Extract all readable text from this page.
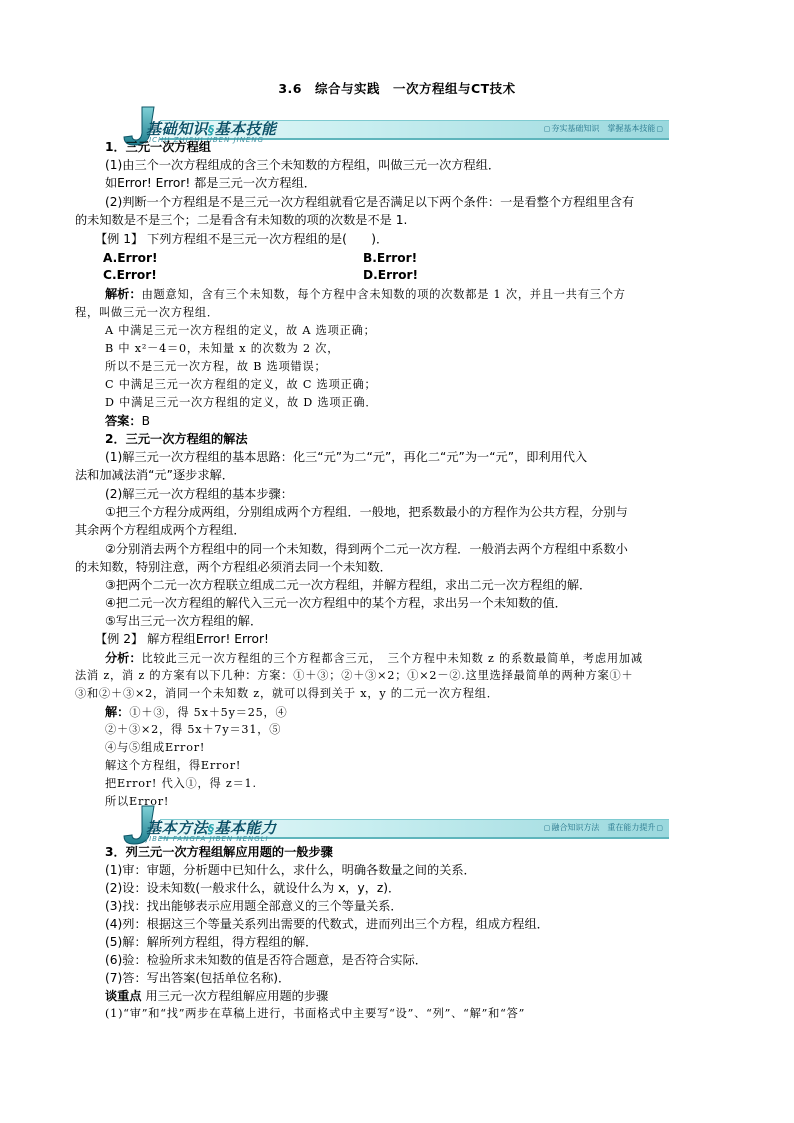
3.6　综合与实践　一次方程组与CT技术
基础知识§基本技能
JICHU ZHISHI JIBEN JINENG
▢ 夯实基础知识　掌握基本技能 ▢
1．三元一次方程组
(1)由三个一次方程组成的含三个未知数的方程组，叫做三元一次方程组．
如Error! Error! 都是三元一次方程组．
(2)判断一个方程组是不是三元一次方程组就看它是否满足以下两个条件：一是看整个方程组里含有
的未知数是不是三个；二是看含有未知数的项的次数是不是 1.
【例 1】 下列方程组不是三元一次方程组的是(　　)．
A.Error!	B.Error!
C.Error!	D.Error!
解析：由题意知，含有三个未知数，每个方程中含未知数的项的次数都是 1 次，并且一共有三个方
程，叫做三元一次方程组．
A 中满足三元一次方程组的定义，故 A 选项正确；
B 中 x²－4＝0，未知量 x 的次数为 2 次，
所以不是三元一次方程，故 B 选项错误；
C 中满足三元一次方程组的定义，故 C 选项正确；
D 中满足三元一次方程组的定义，故 D 选项正确．
答案：B
2．三元一次方程组的解法
(1)解三元一次方程组的基本思路：化三“元”为二“元”，再化二“元”为一“元”，即利用代入
法和加减法消“元”逐步求解．
(2)解三元一次方程组的基本步骤：
①把三个方程分成两组，分别组成两个方程组．一般地，把系数最小的方程作为公共方程，分别与
其余两个方程组成两个方程组．
②分别消去两个方程组中的同一个未知数，得到两个二元一次方程．一般消去两个方程组中系数小
的未知数，特别注意，两个方程组必须消去同一个未知数．
③把两个二元一次方程联立组成二元一次方程组，并解方程组，求出二元一次方程组的解．
④把二元一次方程组的解代入三元一次方程组中的某个方程，求出另一个未知数的值．
⑤写出三元一次方程组的解．
【例 2】 解方程组Error! Error!
分析：比较此三元一次方程组的三个方程都含三元，　三个方程中未知数 z 的系数最简单，考虑用加减
法消 z，消 z 的方案有以下几种：方案：①＋③；②＋③×2；①×2－②.这里选择最简单的两种方案①＋
③和②＋③×2，消同一个未知数 z，就可以得到关于 x，y 的二元一次方程组．
解：①＋③，得 5x＋5y＝25，④
②＋③×2，得 5x＋7y＝31，⑤
④与⑤组成Error!
解这个方程组，得Error!
把Error! 代入①，得 z＝1.
所以Error!
基本方法§基本能力
JIBEN FANGFA JIBEN NENGLI
▢ 融合知识方法　重在能力提升 ▢
3．列三元一次方程组解应用题的一般步骤
(1)审：审题，分析题中已知什么，求什么，明确各数量之间的关系．
(2)设：设未知数(一般求什么，就设什么为 x，y，z)．
(3)找：找出能够表示应用题全部意义的三个等量关系．
(4)列：根据这三个等量关系列出需要的代数式，进而列出三个方程，组成方程组．
(5)解：解所列方程组，得方程组的解．
(6)验：检验所求未知数的值是否符合题意，是否符合实际．
(7)答：写出答案(包括单位名称)．
谈重点 用三元一次方程组解应用题的步骤
(1)“审”和“找”两步在草稿上进行，书面格式中主要写“设”、“列”、“解”和“答”
